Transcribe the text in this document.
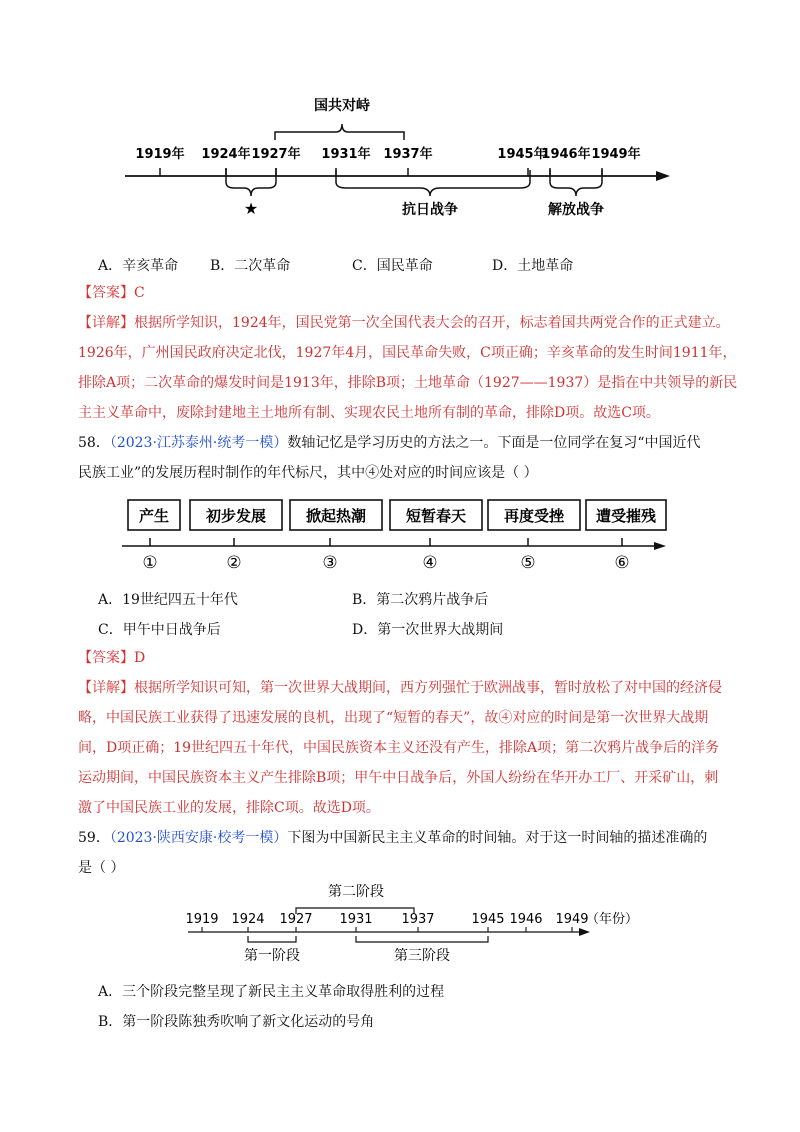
国共对峙
1919年 1924年 1927年 1931年 1937年	1945年
1946年 1949年
★	抗日战争	解放战争
A．辛亥革命 B．二次革命	C．国民革命	D．土地革命
【答案】C
【详解】根据所学知识，1924年，国民党第一次全国代表大会的召开，标志着国共两党合作的正式建立。
1926年，广州国民政府决定北伐，1927年4月，国民革命失败，C项正确；辛亥革命的发生时间1911年，
排除A项；二次革命的爆发时间是1913年，排除B项；土地革命（1927——1937）是指在中共领导的新民
主主义革命中，废除封建地主土地所有制、实现农民土地所有制的革命，排除D项。故选C项。
58．（2023·江苏泰州·统考一模）数轴记忆是学习历史的方法之一。下面是一位同学在复习“中国近代
民族工业”的发展历程时制作的年代标尺，其中④处对应的时间应该是（ ）
产生 初步发展	掀起热潮	短暂春天	再度受挫 遭受摧残
①	②	③	④	⑤	⑥
A．19世纪四五十年代	B．第二次鸦片战争后
C．甲午中日战争后	D．第一次世界大战期间
【答案】D
【详解】根据所学知识可知，第一次世界大战期间，西方列强忙于欧洲战事，暂时放松了对中国的经济侵
略，中国民族工业获得了迅速发展的良机，出现了“短暂的春天”，故④对应的时间是第一次世界大战期
间，D项正确；19世纪四五十年代，中国民族资本主义还没有产生，排除A项；第二次鸦片战争后的洋务
运动期间，中国民族资本主义产生排除B项；甲午中日战争后，外国人纷纷在华开办工厂、开采矿山，刺
激了中国民族工业的发展，排除C项。故选D项。
59．（2023·陕西安康·校考一模）下图为中国新民主主义革命的时间轴。对于这一时间轴的描述准确的
是（ ）
第二阶段
1919 1924 1927 1931 1937	1945 1946 1949
（年份）
第一阶段	第三阶段
A．三个阶段完整呈现了新民主主义革命取得胜利的过程
B．第一阶段陈独秀吹响了新文化运动的号角
